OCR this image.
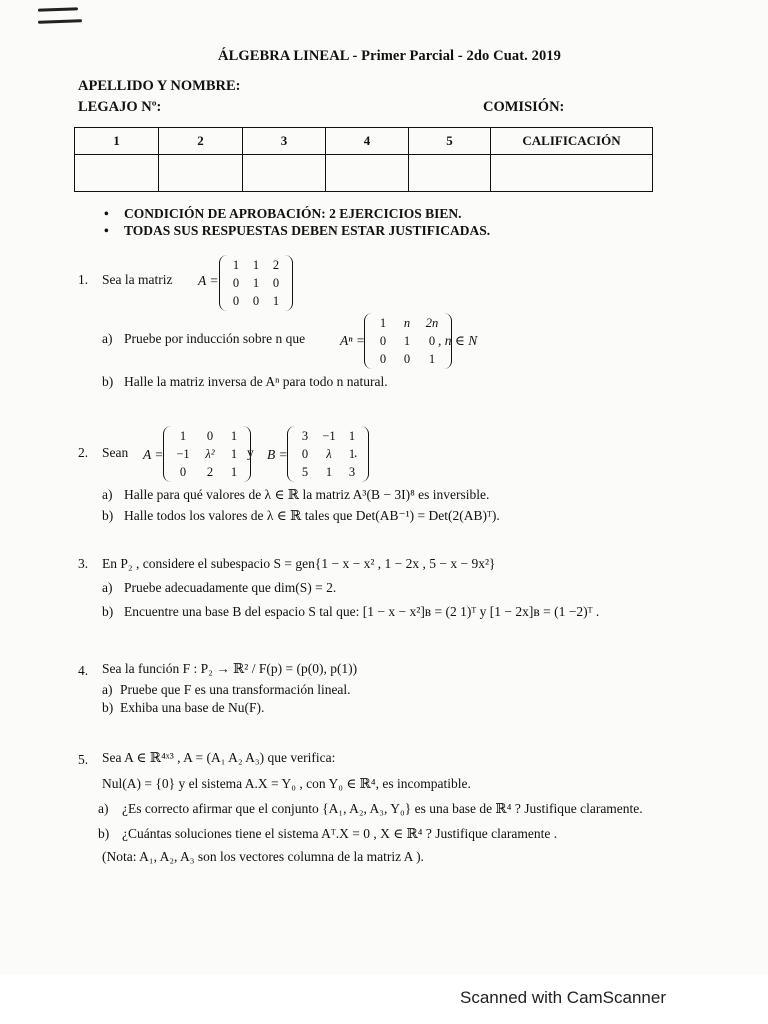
ÁLGEBRA LINEAL - Primer Parcial - 2do Cuat. 2019
APELLIDO Y NOMBRE:
LEGAJO Nº:	COMISIÓN:
1	2	3	4	5	CALIFICACIÓN

• CONDICIÓN DE APROBACIÓN: 2 EJERCICIOS BIEN.
• TODAS SUS RESPUESTAS DEBEN ESTAR JUSTIFICADAS.
1. Sea la matriz A =
1	1	2
0	1	0
0	0	1
a) Pruebe por inducción sobre n que	Aⁿ =
1	n	2n
0	1	0
0	0	1
, n ∈ N
b) Halle la matriz inversa de Aⁿ para todo n natural.
2. Sean A =
1	0	1
−1	λ²	1
0	2	1
y B =
3	−1	1
0	λ	1
5	1	3
.
a) Halle para qué valores de λ ∈ ℝ la matriz A³(B − 3I)⁸ es inversible.
b) Halle todos los valores de λ ∈ ℝ tales que Det(AB⁻¹) = Det(2(AB)ᵀ).
3. En P₂ , considere el subespacio S = gen{1 − x − x² , 1 − 2x , 5 − x − 9x²}
a) Pruebe adecuadamente que dim(S) = 2.
b) Encuentre una base B del espacio S tal que: [1 − x − x²]ʙ = (2 1)ᵀ y [1 − 2x]ʙ = (1 −2)ᵀ .
4. Sea la función F : P₂ → ℝ² / F(p) = (p(0), p(1))
a) Pruebe que F es una transformación lineal.
b) Exhiba una base de Nu(F).
5. Sea A ∈ ℝ⁴ˣ³ , A = (A₁ A₂ A₃) que verifica:
Nul(A) = {0} y el sistema A.X = Y₀ , con Y₀ ∈ ℝ⁴, es incompatible.
a) ¿Es correcto afirmar que el conjunto {A₁, A₂, A₃, Y₀} es una base de ℝ⁴ ? Justifique claramente.
b) ¿Cuántas soluciones tiene el sistema Aᵀ.X = 0 , X ∈ ℝ⁴ ? Justifique claramente .
(Nota: A₁, A₂, A₃ son los vectores columna de la matriz A ).
Scanned with CamScanner
